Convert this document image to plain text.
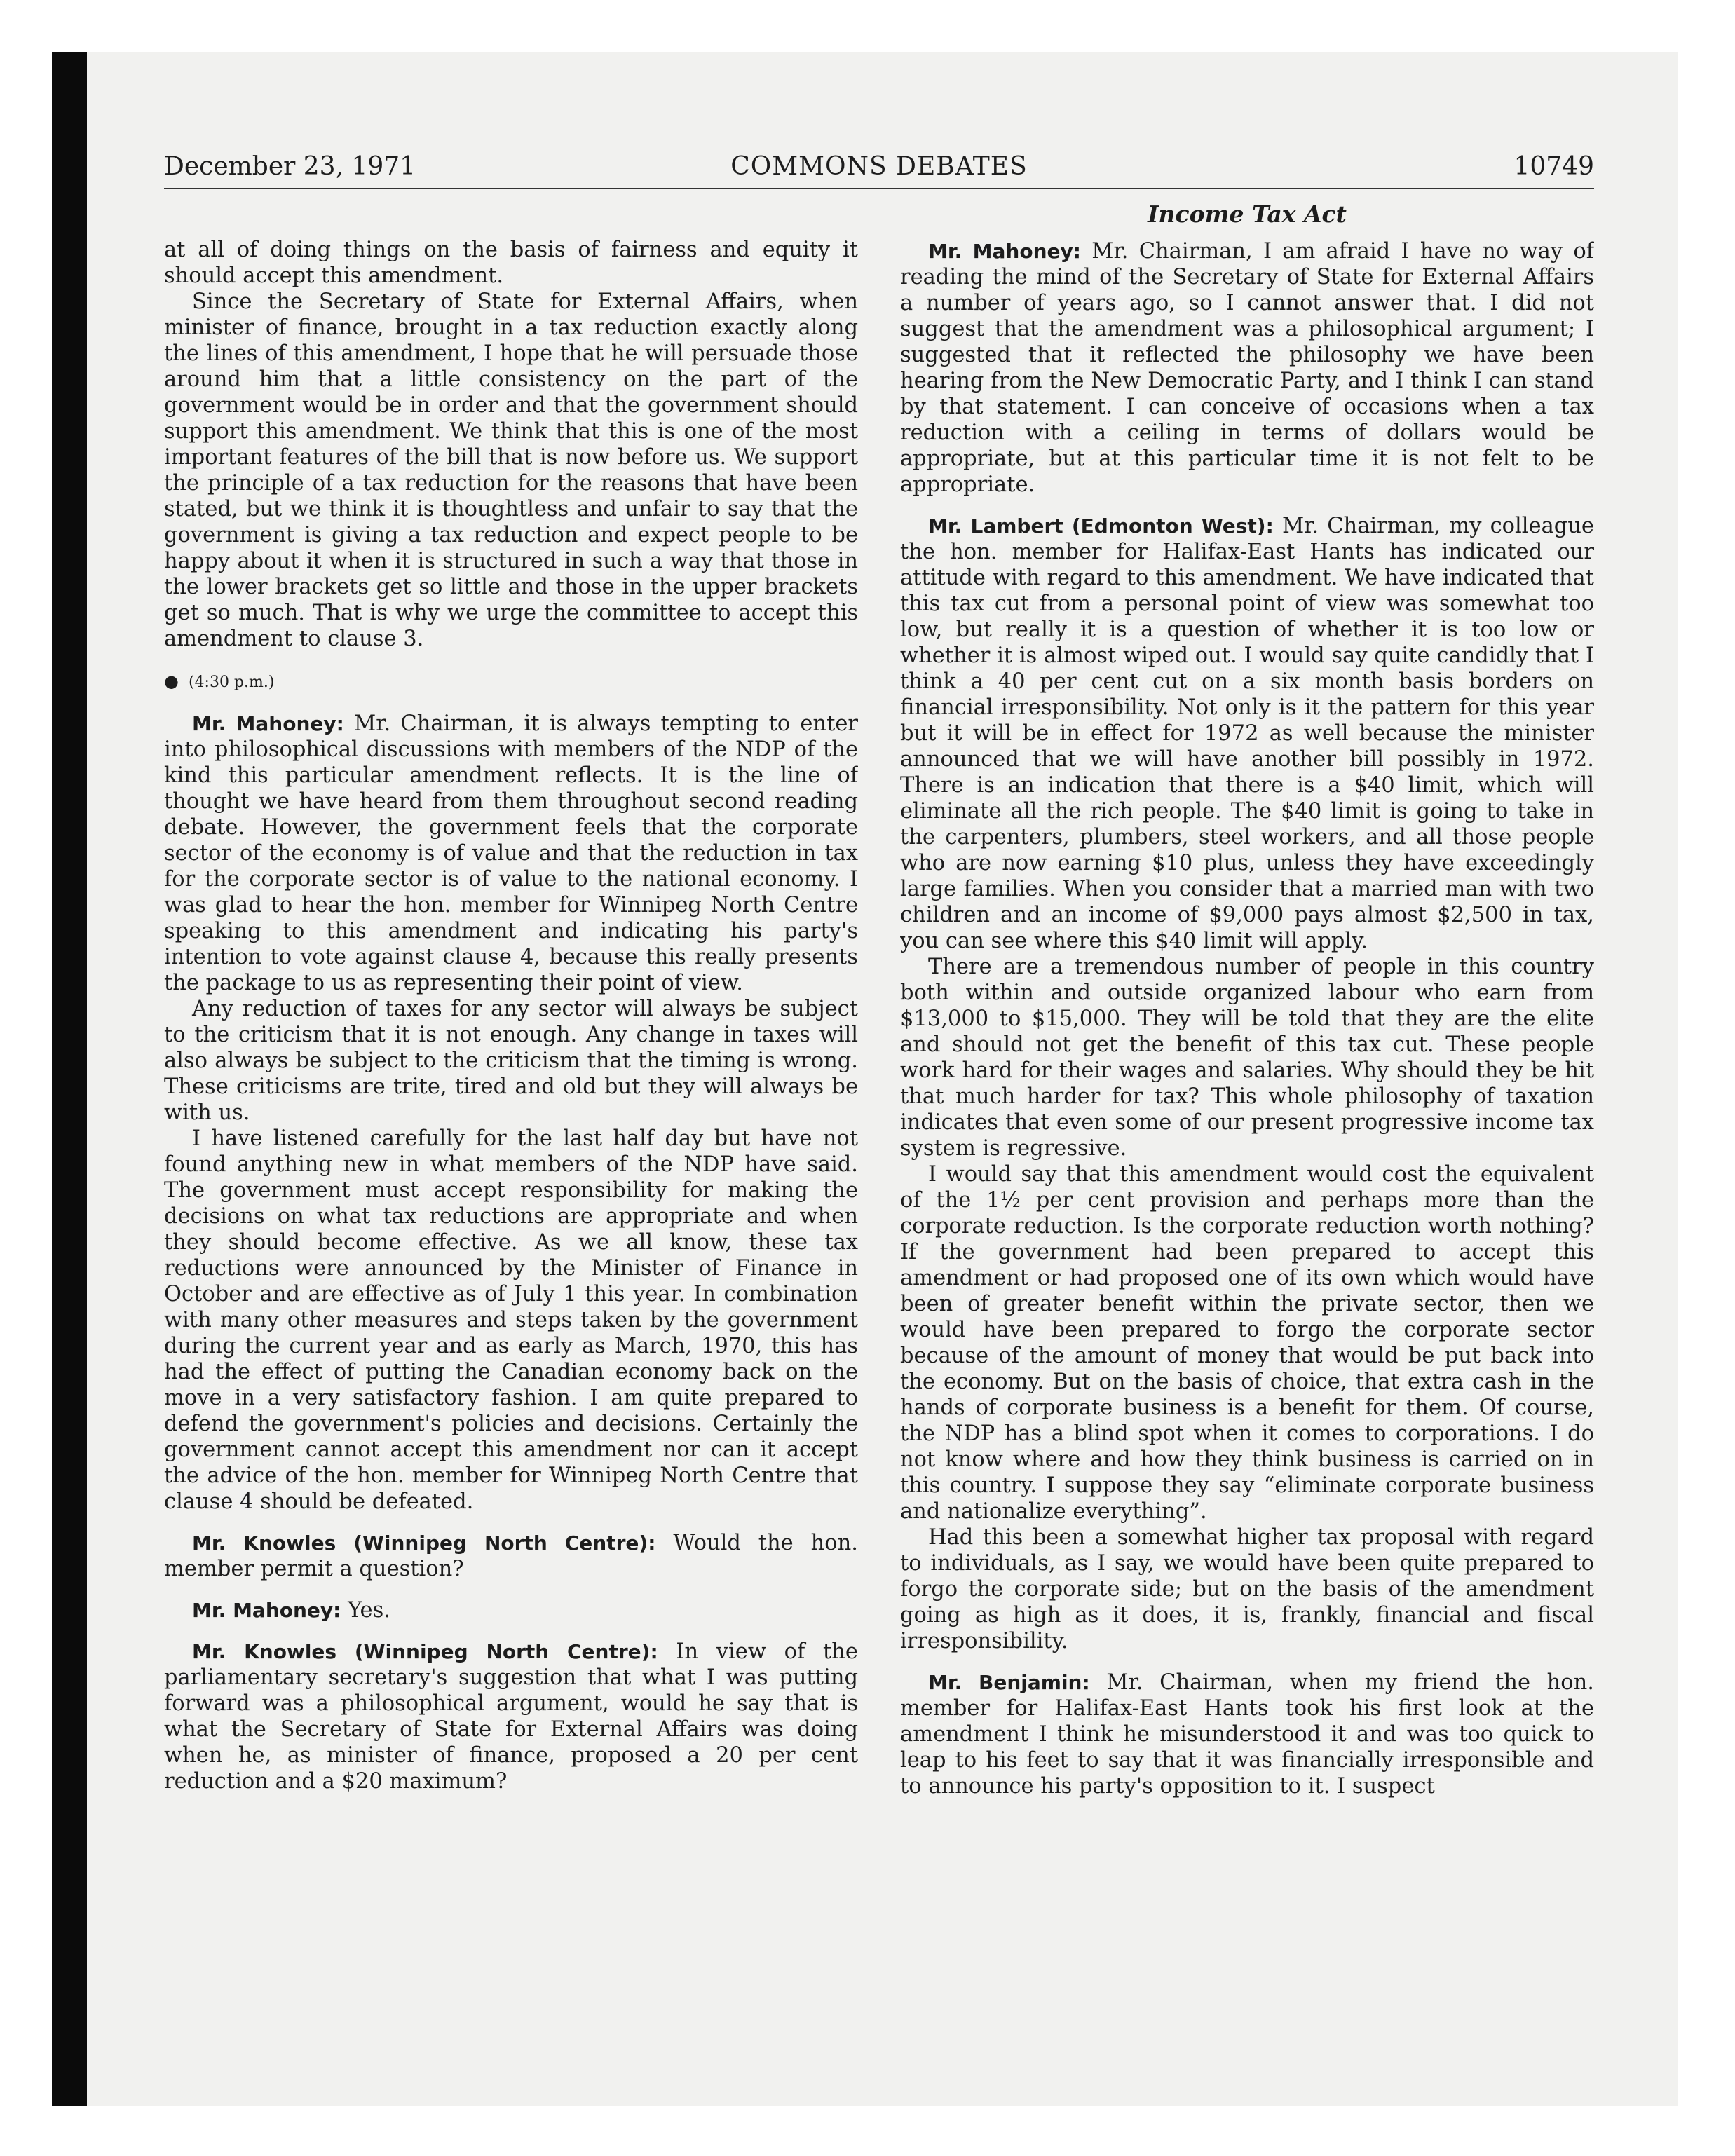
December 23, 1971	COMMONS DEBATES	10749

at all of doing things on the basis of fairness and equity it should accept this amendment.

Since the Secretary of State for External Affairs, when minister of finance, brought in a tax reduction exactly along the lines of this amendment, I hope that he will persuade those around him that a little consistency on the part of the government would be in order and that the government should support this amendment. We think that this is one of the most important features of the bill that is now before us. We support the principle of a tax reduction for the reasons that have been stated, but we think it is thoughtless and unfair to say that the government is giving a tax reduction and expect people to be happy about it when it is structured in such a way that those in the lower brackets get so little and those in the upper brackets get so much. That is why we urge the committee to accept this amendment to clause 3.

● (4:30 p.m.)

Mr. Mahoney: Mr. Chairman, it is always tempting to enter into philosophical discussions with members of the NDP of the kind this particular amendment reflects. It is the line of thought we have heard from them throughout second reading debate. However, the government feels that the corporate sector of the economy is of value and that the reduction in tax for the corporate sector is of value to the national economy. I was glad to hear the hon. member for Winnipeg North Centre speaking to this amendment and indicating his party's intention to vote against clause 4, because this really presents the package to us as representing their point of view.

Any reduction of taxes for any sector will always be subject to the criticism that it is not enough. Any change in taxes will also always be subject to the criticism that the timing is wrong. These criticisms are trite, tired and old but they will always be with us.

I have listened carefully for the last half day but have not found anything new in what members of the NDP have said. The government must accept responsibility for making the decisions on what tax reductions are appropriate and when they should become effective. As we all know, these tax reductions were announced by the Minister of Finance in October and are effective as of July 1 this year. In combination with many other measures and steps taken by the government during the current year and as early as March, 1970, this has had the effect of putting the Canadian economy back on the move in a very satisfactory fashion. I am quite prepared to defend the government's policies and decisions. Certainly the government cannot accept this amendment nor can it accept the advice of the hon. member for Winnipeg North Centre that clause 4 should be defeated.

Mr. Knowles (Winnipeg North Centre): Would the hon. member permit a question?

Mr. Mahoney: Yes.

Mr. Knowles (Winnipeg North Centre): In view of the parliamentary secretary's suggestion that what I was putting forward was a philosophical argument, would he say that is what the Secretary of State for External Affairs was doing when he, as minister of finance, proposed a 20 per cent reduction and a $20 maximum?

Income Tax Act

Mr. Mahoney: Mr. Chairman, I am afraid I have no way of reading the mind of the Secretary of State for External Affairs a number of years ago, so I cannot answer that. I did not suggest that the amendment was a philosophical argument; I suggested that it reflected the philosophy we have been hearing from the New Democratic Party, and I think I can stand by that statement. I can conceive of occasions when a tax reduction with a ceiling in terms of dollars would be appropriate, but at this particular time it is not felt to be appropriate.

Mr. Lambert (Edmonton West): Mr. Chairman, my colleague the hon. member for Halifax-East Hants has indicated our attitude with regard to this amendment. We have indicated that this tax cut from a personal point of view was somewhat too low, but really it is a question of whether it is too low or whether it is almost wiped out. I would say quite candidly that I think a 40 per cent cut on a six month basis borders on financial irresponsibility. Not only is it the pattern for this year but it will be in effect for 1972 as well because the minister announced that we will have another bill possibly in 1972. There is an indication that there is a $40 limit, which will eliminate all the rich people. The $40 limit is going to take in the carpenters, plumbers, steel workers, and all those people who are now earning $10 plus, unless they have exceedingly large families. When you consider that a married man with two children and an income of $9,000 pays almost $2,500 in tax, you can see where this $40 limit will apply.

There are a tremendous number of people in this country both within and outside organized labour who earn from $13,000 to $15,000. They will be told that they are the elite and should not get the benefit of this tax cut. These people work hard for their wages and salaries. Why should they be hit that much harder for tax? This whole philosophy of taxation indicates that even some of our present progressive income tax system is regressive.

I would say that this amendment would cost the equivalent of the 1½ per cent provision and perhaps more than the corporate reduction. Is the corporate reduction worth nothing? If the government had been prepared to accept this amendment or had proposed one of its own which would have been of greater benefit within the private sector, then we would have been prepared to forgo the corporate sector because of the amount of money that would be put back into the economy. But on the basis of choice, that extra cash in the hands of corporate business is a benefit for them. Of course, the NDP has a blind spot when it comes to corporations. I do not know where and how they think business is carried on in this country. I suppose they say “eliminate corporate business and nationalize everything”.

Had this been a somewhat higher tax proposal with regard to individuals, as I say, we would have been quite prepared to forgo the corporate side; but on the basis of the amendment going as high as it does, it is, frankly, financial and fiscal irresponsibility.

Mr. Benjamin: Mr. Chairman, when my friend the hon. member for Halifax-East Hants took his first look at the amendment I think he misunderstood it and was too quick to leap to his feet to say that it was financially irresponsible and to announce his party's opposition to it. I suspect
